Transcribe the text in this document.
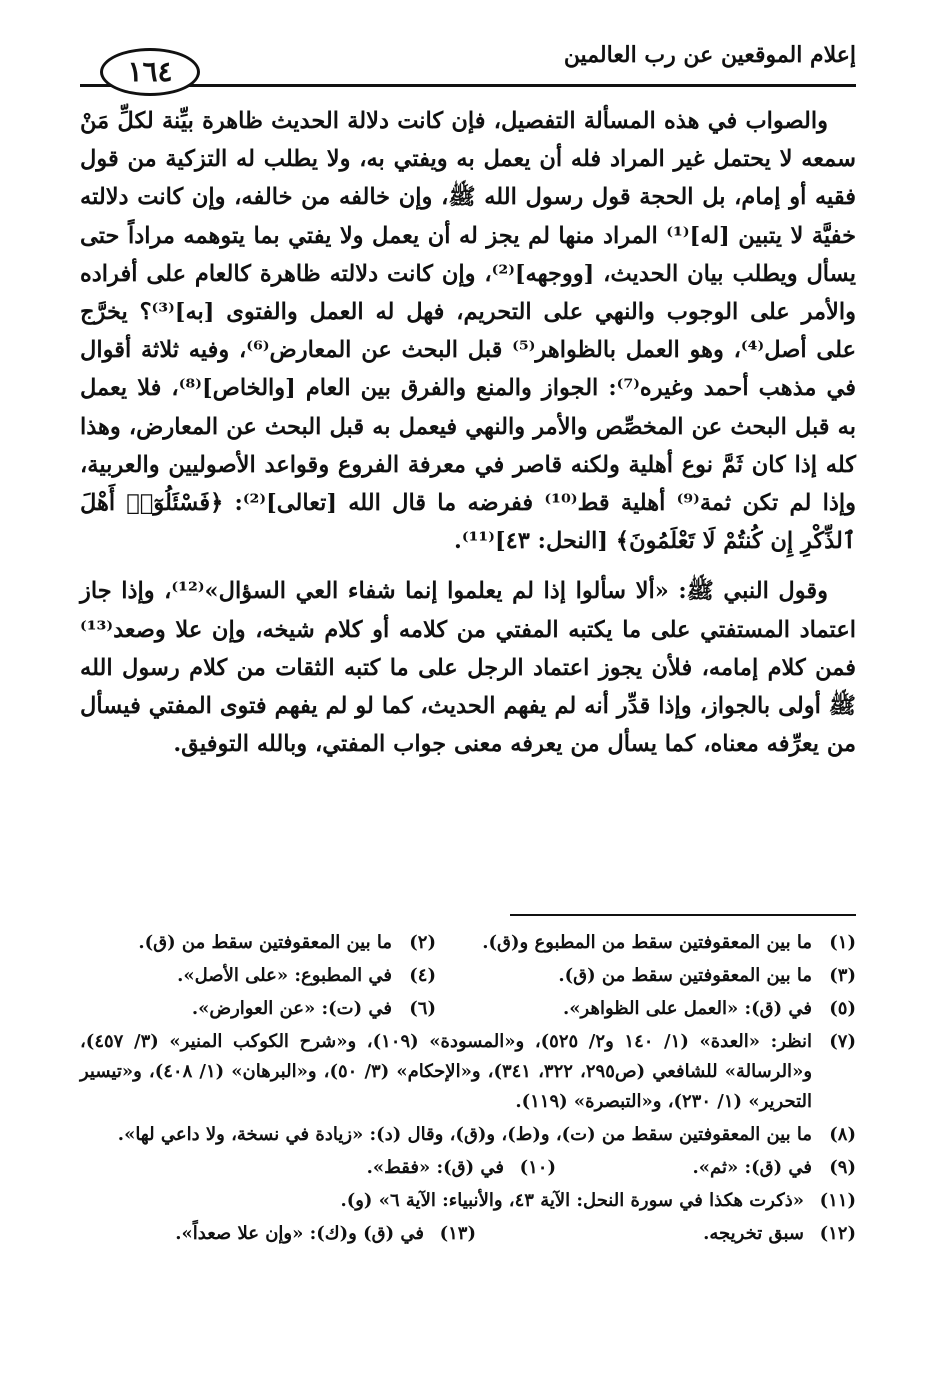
إعلام الموقعين عن رب العالمين
١٦٤

والصواب في هذه المسألة التفصيل، فإن كانت دلالة الحديث ظاهرة بيِّنة لكلِّ مَنْ سمعه لا يحتمل غير المراد فله أن يعمل به ويفتي به، ولا يطلب له التزكية من قول فقيه أو إمام، بل الحجة قول رسول الله ﷺ، وإن خالفه من خالفه، وإن كانت دلالته خفيَّة لا يتبين [له]⁽¹⁾ المراد منها لم يجز له أن يعمل ولا يفتي بما يتوهمه مراداً حتى يسأل ويطلب بيان الحديث، [ووجهه]⁽²⁾، وإن كانت دلالته ظاهرة كالعام على أفراده والأمر على الوجوب والنهي على التحريم، فهل له العمل والفتوى [به]⁽³⁾؟ يخرَّج على أصل⁽⁴⁾، وهو العمل بالظواهر⁽⁵⁾ قبل البحث عن المعارض⁽⁶⁾، وفيه ثلاثة أقوال في مذهب أحمد وغيره⁽⁷⁾: الجواز والمنع والفرق بين العام [والخاص]⁽⁸⁾، فلا يعمل به قبل البحث عن المخصِّص والأمر والنهي فيعمل به قبل البحث عن المعارض، وهذا كله إذا كان ثَمَّ نوع أهلية ولكنه قاصر في معرفة الفروع وقواعد الأصوليين والعربية، وإذا لم تكن ثمة⁽⁹⁾ أهلية قط⁽¹⁰⁾ ففرضه ما قال الله [تعالى]⁽²⁾: ﴿فَسْئَلُوٓا۟ أَهْلَ ٱلذِّكْرِ إِن كُنتُمْ لَا تَعْلَمُونَ﴾ [النحل: ٤٣]⁽¹¹⁾.

وقول النبي ﷺ: «ألا سألوا إذا لم يعلموا إنما شفاء العي السؤال»⁽¹²⁾، وإذا جاز اعتماد المستفتي على ما يكتبه المفتي من كلامه أو كلام شيخه، وإن علا وصعد⁽¹³⁾ فمن كلام إمامه، فلأن يجوز اعتماد الرجل على ما كتبه الثقات من كلام رسول الله ﷺ أولى بالجواز، وإذا قدِّر أنه لم يفهم الحديث، كما لو لم يفهم فتوى المفتي فيسأل من يعرِّفه معناه، كما يسأل من يعرفه معنى جواب المفتي، وبالله التوفيق.

(١)
ما بين المعقوفتين سقط من المطبوع و(ق).
(٢)
ما بين المعقوفتين سقط من (ق).
(٣)
ما بين المعقوفتين سقط من (ق).
(٤)
في المطبوع: «على الأصل».
(٥)
في (ق): «العمل على الظواهر».
(٦)
في (ت): «عن العوارض».
(٧)
انظر: «العدة» (١/ ١٤٠ و٢/ ٥٢٥)، و«المسودة» (١٠٩)، و«شرح الكوكب المنير» (٣/ ٤٥٧)، و«الرسالة» للشافعي (ص٢٩٥، ٣٢٢، ٣٤١)، و«الإحكام» (٣/ ٥٠)، و«البرهان» (١/ ٤٠٨)، و«تيسير التحرير» (١/ ٢٣٠)، و«التبصرة» (١١٩).
(٨)
ما بين المعقوفتين سقط من (ت)، و(ط)، و(ق)، وقال (د): «زيادة في نسخة، ولا داعي لها».
(٩)
في (ق): «ثم».
(١٠)
في (ق): «فقط».
(١١)
«ذكرت هكذا في سورة النحل: الآية ٤٣، والأنبياء: الآية ٦» (و).
(١٢)
سبق تخريجه.
(١٣)
في (ق) و(ك): «وإن علا صعداً».
